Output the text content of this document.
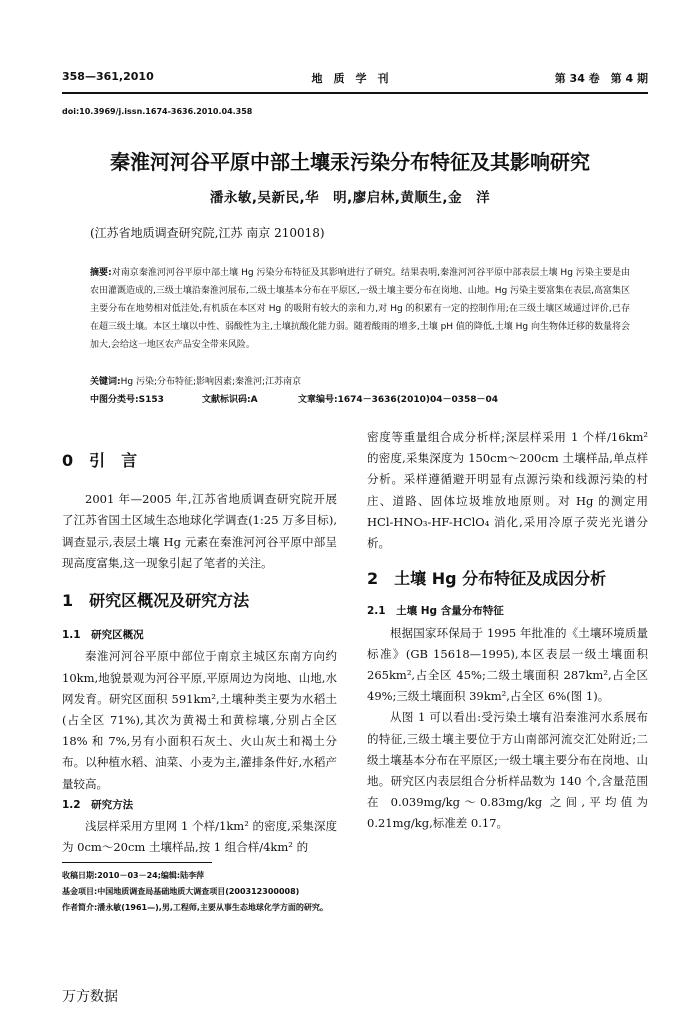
358—361,2010	地　质　学　刊	第 34 卷　第 4 期
doi:10.3969/j.issn.1674-3636.2010.04.358
秦淮河河谷平原中部土壤汞污染分布特征及其影响研究
潘永敏,吴新民,华　明,廖启林,黄顺生,金　洋
(江苏省地质调查研究院,江苏 南京 210018)

摘要:对南京秦淮河河谷平原中部土壤 Hg 污染分布特征及其影响进行了研究。结果表明,秦淮河河谷平原中部表层土壤 Hg 污染主要是由农田灌溉造成的,三级土壤沿秦淮河展布,二级土壤基本分布在平原区,一级土壤主要分布在岗地、山地。Hg 污染主要富集在表层,高富集区主要分布在地势相对低洼处,有机质在本区对 Hg 的吸附有较大的亲和力,对 Hg 的积累有一定的控制作用;在三级土壤区域通过评价,已存在超三级土壤。本区土壤以中性、弱酸性为主,土壤抗酸化能力弱。随着酸雨的增多,土壤 pH 值的降低,土壤 Hg 向生物体迁移的数量将会加大,会给这一地区农产品安全带来风险。

关键词:Hg 污染;分布特征;影响因素;秦淮河;江苏南京
中图分类号:S153	文献标识码:A	文章编号:1674－3636(2010)04－0358－04
0　引　言

2001 年—2005 年,江苏省地质调查研究院开展了江苏省国土区域生态地球化学调查(1:25 万多目标),调查显示,表层土壤 Hg 元素在秦淮河河谷平原中部呈现高度富集,这一现象引起了笔者的关注。

1　研究区概况及研究方法
1.1　研究区概况

秦淮河河谷平原中部位于南京主城区东南方向约 10km,地貌景观为河谷平原,平原周边为岗地、山地,水网发育。研究区面积 591km²,土壤种类主要为水稻土(占全区 71%),其次为黄褐土和黄棕壤,分别占全区 18% 和 7%,另有小面积石灰土、火山灰土和褐土分布。以种植水稻、油菜、小麦为主,灌排条件好,水稻产量较高。

1.2　研究方法

浅层样采用方里网 1 个样/1km² 的密度,采集深度为 0cm～20cm 土壤样品,按 1 组合样/4km² 的

密度等重量组合成分析样;深层样采用 1 个样/16km² 的密度,采集深度为 150cm～200cm 土壤样品,单点样分析。采样遵循避开明显有点源污染和线源污染的村庄、道路、固体垃圾堆放地原则。对 Hg 的测定用 HCl-HNO₃-HF-HClO₄ 消化,采用冷原子荧光光谱分析。

2　土壤 Hg 分布特征及成因分析
2.1　土壤 Hg 含量分布特征

根据国家环保局于 1995 年批准的《土壤环境质量标准》(GB 15618—1995),本区表层一级土壤面积 265km²,占全区 45%;二级土壤面积 287km²,占全区 49%;三级土壤面积 39km²,占全区 6%(图 1)。

从图 1 可以看出:受污染土壤有沿秦淮河水系展布的特征,三级土壤主要位于方山南部河流交汇处附近;二级土壤基本分布在平原区;一级土壤主要分布在岗地、山地。研究区内表层组合分析样品数为 140 个,含量范围在 0.039mg/kg～0.83mg/kg 之间,平均值为 0.21mg/kg,标准差 0.17。

收稿日期:2010－03－24;编辑:陆李萍
基金项目:中国地质调查局基础地质大调查项目(200312300008)
作者简介:潘永敏(1961—),男,工程师,主要从事生态地球化学方面的研究。
万方数据
